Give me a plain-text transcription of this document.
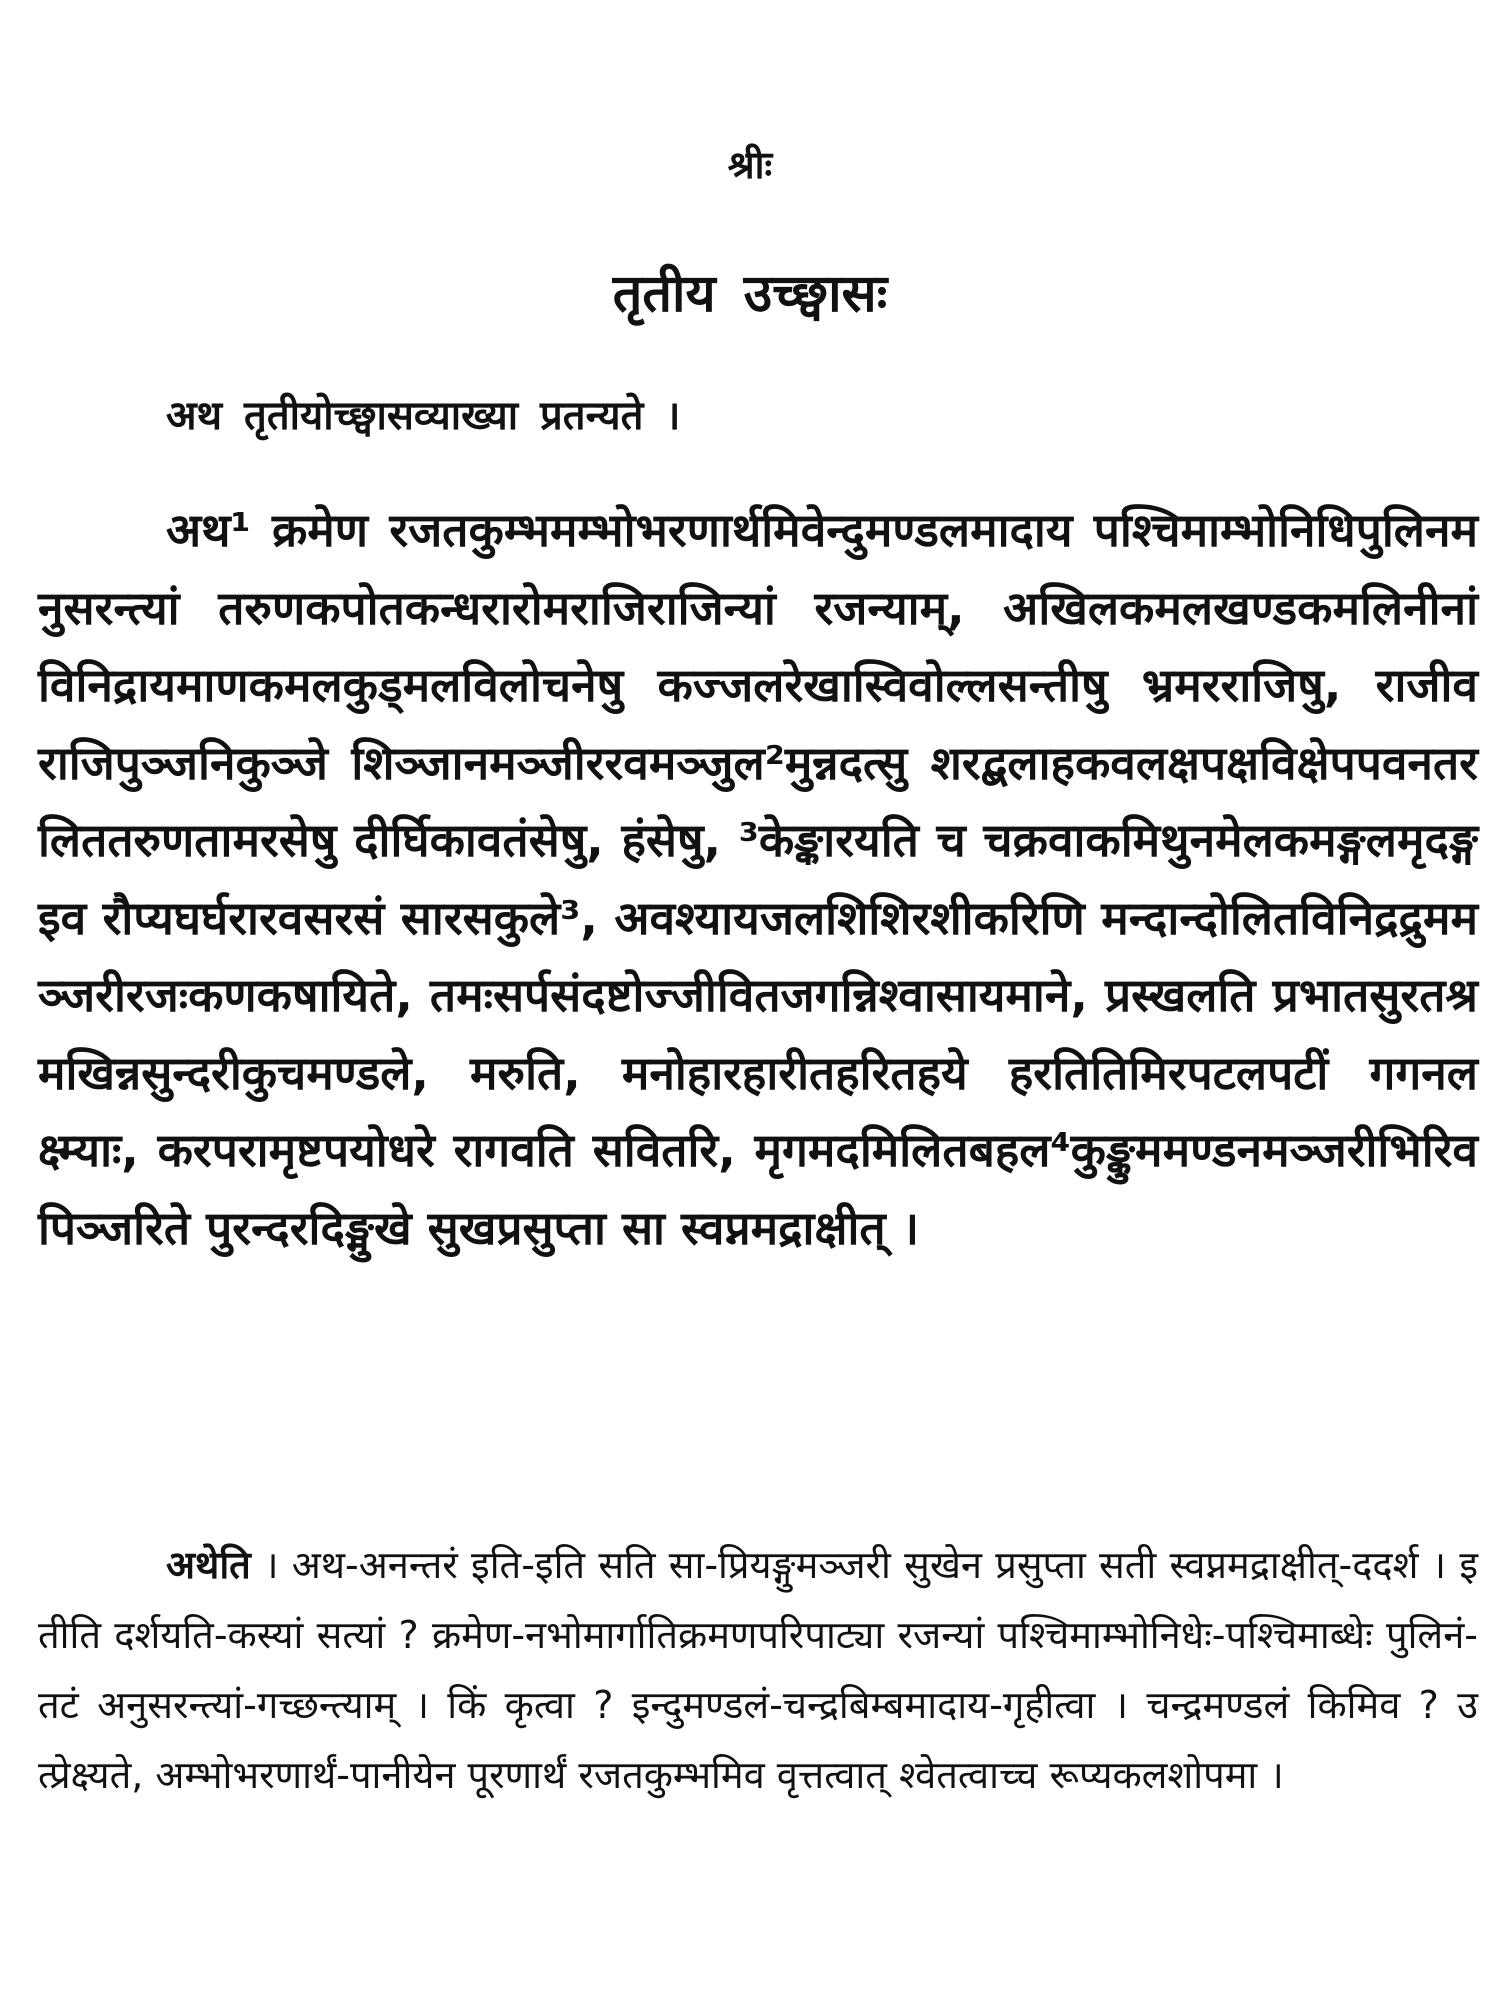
श्रीः
तृतीय उच्छ्वासः
अथ तृतीयोच्छ्वासव्याख्या प्रतन्यते ।
अथ¹ क्रमेण रजतकुम्भमम्भोभरणार्थमिवेन्दुमण्डलमादाय पश्चिमाम्भोनिधिपुलिनमनुसरन्त्यां तरुणकपोतकन्धरारोमराजिराजिन्यां रजन्याम्, अखिलकमलखण्डकमलिनीनां विनिद्रायमाणकमलकुड्मलविलोचनेषु कज्जलरेखास्विवोल्लसन्तीषु भ्रमरराजिषु, राजीवराजिपुञ्जनिकुञ्जे शिञ्जानमञ्जीररवमञ्जुल²मुन्नदत्सु शरद्बलाहकवलक्षपक्षविक्षेपपवनतरलिततरुणतामरसेषु दीर्घिकावतंसेषु, हंसेषु, ³केङ्कारयति च चक्रवाकमिथुनमेलकमङ्गलमृदङ्ग इव रौप्यघर्घरारवसरसं सारसकुले³, अवश्यायजलशिशिरशीकरिणि मन्दान्दोलितविनिद्रद्रुममञ्जरीरजःकणकषायिते, तमःसर्पसंदष्टोज्जीवितजगन्निश्वासायमाने, प्रस्खलति प्रभातसुरतश्रमखिन्नसुन्दरीकुचमण्डले, मरुति, मनोहारहारीतहरितहये हरतितिमिरपटलपटीं गगनलक्ष्म्याः, करपरामृष्टपयोधरे रागवति सवितरि, मृगमदमिलितबहल⁴कुङ्कुममण्डनमञ्जरीभिरिव पिञ्जरिते पुरन्दरदिङ्मुखे सुखप्रसुप्ता सा स्वप्नमद्राक्षीत् ।
अथेति । अथ-अनन्तरं इति-इति सति सा-प्रियङ्गुमञ्जरी सुखेन प्रसुप्ता सती स्वप्नमद्राक्षीत्-ददर्श । इतीति दर्शयति-कस्यां सत्यां ? क्रमेण-नभोमार्गातिक्रमणपरिपाट्या रजन्यां पश्चिमाम्भोनिधेः-पश्चिमाब्धेः पुलिनं-तटं अनुसरन्त्यां-गच्छन्त्याम् । किं कृत्वा ? इन्दुमण्डलं-चन्द्रबिम्बमादाय-गृहीत्वा । चन्द्रमण्डलं किमिव ? उत्प्रेक्ष्यते, अम्भोभरणार्थं-पानीयेन पूरणार्थं रजतकुम्भमिव वृत्तत्वात् श्वेतत्वाच्च रूप्यकलशोपमा ।
